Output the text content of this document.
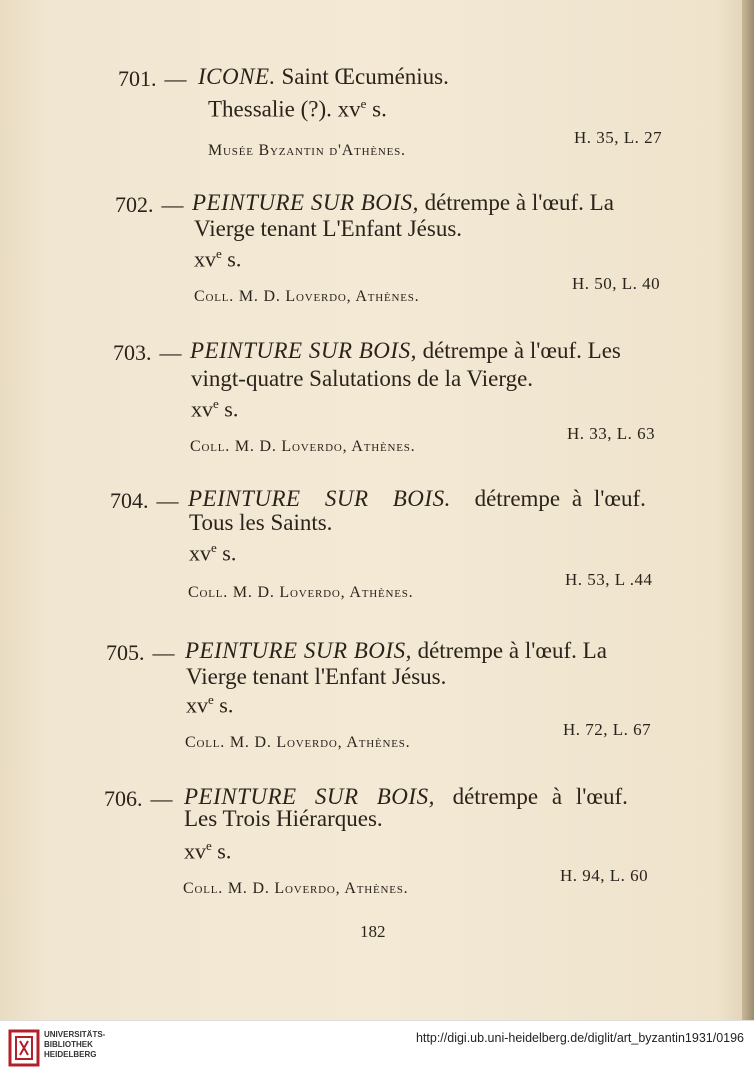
701. — ICONE. Saint Œcuménius.
Thessalie (?). $xv^e$ s.
H. 35, L. 27
Musée Byzantin d'Athènes.
702. — PEINTURE SUR BOIS, détrempe à l'œuf. La
Vierge tenant L'Enfant Jésus.
$xv^e$ s.
H. 50, L. 40
Coll. M. D. Loverdo, Athènes.
703. — PEINTURE SUR BOIS, détrempe à l'œuf. Les
vingt-quatre Salutations de la Vierge.
$xv^e$ s.
H. 33, L. 63
Coll. M. D. Loverdo, Athènes.
704. — PEINTURE SUR BOIS. détrempe à l'œuf.
Tous les Saints.
$xv^e$ s.
H. 53, L .44
Coll. M. D. Loverdo, Athènes.
705. — PEINTURE SUR BOIS, détrempe à l'œuf. La
Vierge tenant l'Enfant Jésus.
$xv^e$ s.
H. 72, L. 67
Coll. M. D. Loverdo, Athènes.
706. — PEINTURE SUR BOIS, détrempe à l'œuf.
Les Trois Hiérarques.
$xv^e$ s.
H. 94, L. 60
Coll. M. D. Loverdo, Athènes.
182
UNIVERSITÄTS-
BIBLIOTHEK
HEIDELBERG
http://digi.ub.uni-heidelberg.de/diglit/art_byzantin1931/0196
